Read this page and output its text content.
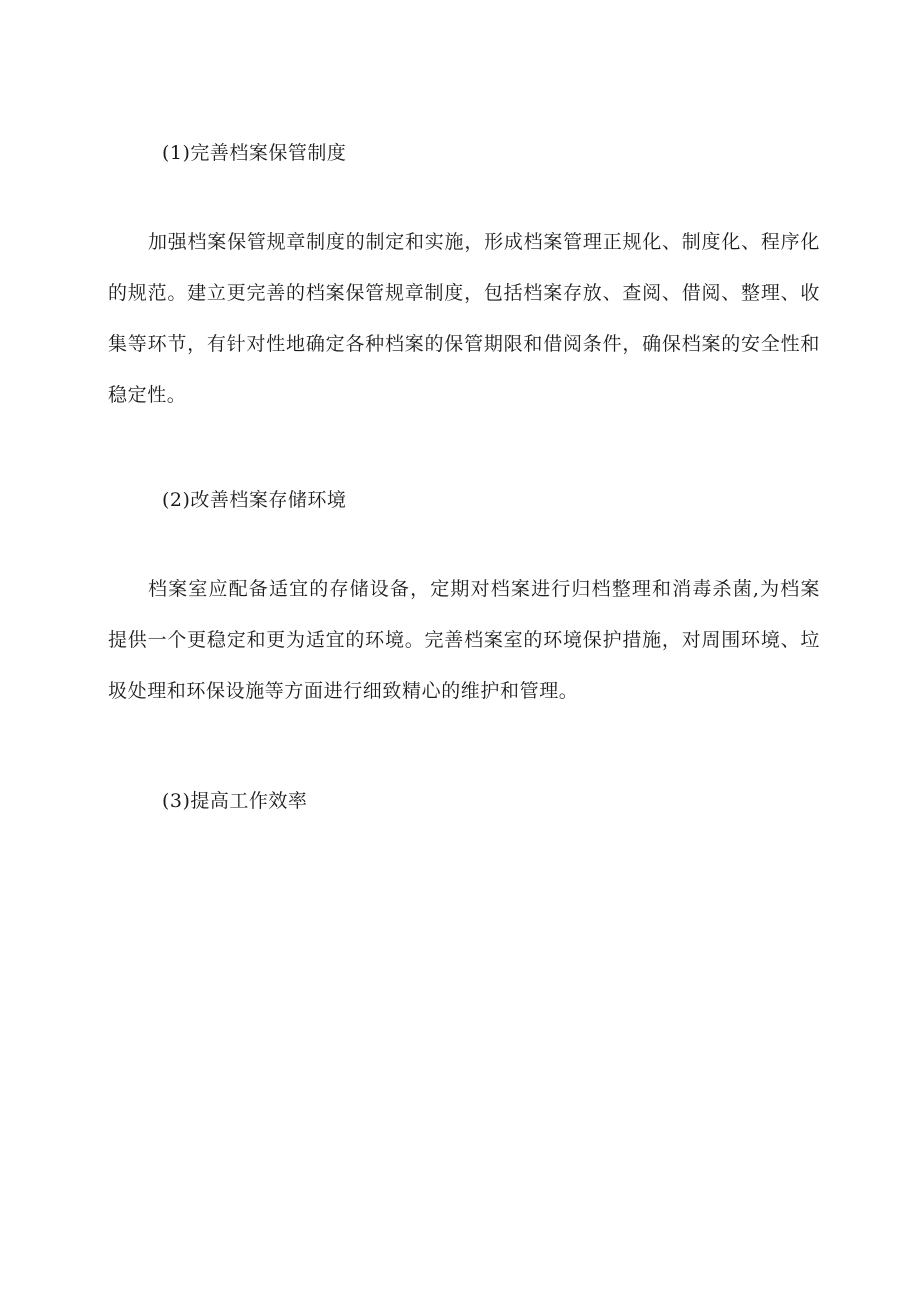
(1)完善档案保管制度
加强档案保管规章制度的制定和实施，形成档案管理正规化、制度化、程序化的规范。建立更完善的档案保管规章制度，包括档案存放、查阅、借阅、整理、收集等环节，有针对性地确定各种档案的保管期限和借阅条件，确保档案的安全性和稳定性。
(2)改善档案存储环境
档案室应配备适宜的存储设备，定期对档案进行归档整理和消毒杀菌,为档案提供一个更稳定和更为适宜的环境。完善档案室的环境保护措施，对周围环境、垃圾处理和环保设施等方面进行细致精心的维护和管理。
(3)提高工作效率
